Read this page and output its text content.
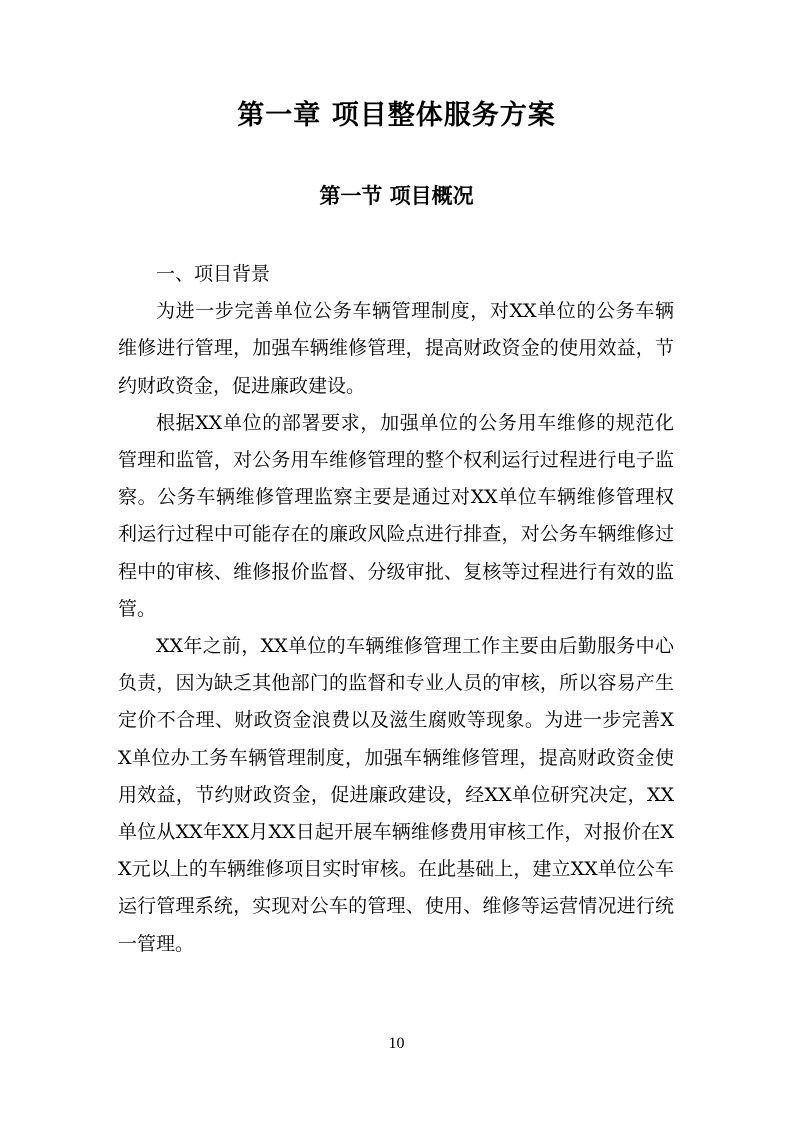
第一章 项目整体服务方案
第一节 项目概况

一、项目背景

为进一步完善单位公务车辆管理制度，对XX单位的公务车辆维修进行管理，加强车辆维修管理，提高财政资金的使用效益，节约财政资金，促进廉政建设。

根据XX单位的部署要求，加强单位的公务用车维修的规范化管理和监管，对公务用车维修管理的整个权利运行过程进行电子监察。公务车辆维修管理监察主要是通过对XX单位车辆维修管理权利运行过程中可能存在的廉政风险点进行排查，对公务车辆维修过程中的审核、维修报价监督、分级审批、复核等过程进行有效的监管。

XX年之前，XX单位的车辆维修管理工作主要由后勤服务中心负责，因为缺乏其他部门的监督和专业人员的审核，所以容易产生定价不合理、财政资金浪费以及滋生腐败等现象。为进一步完善XX单位办工务车辆管理制度，加强车辆维修管理，提高财政资金使用效益，节约财政资金，促进廉政建设，经XX单位研究决定，XX单位从XX年XX月XX日起开展车辆维修费用审核工作，对报价在XX元以上的车辆维修项目实时审核。在此基础上，建立XX单位公车运行管理系统，实现对公车的管理、使用、维修等运营情况进行统一管理。

10
